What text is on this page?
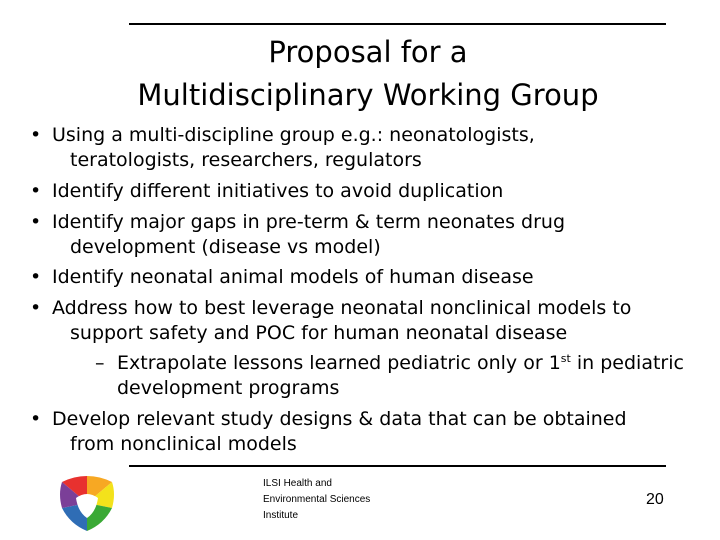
Proposal for a
Multidisciplinary Working Group
• Using a multi-discipline group e.g.: neonatologists,
teratologists, researchers, regulators
• Identify different initiatives to avoid duplication
• Identify major gaps in pre-term & term neonates drug
development (disease vs model)
• Identify neonatal animal models of human disease
• Address how to best leverage neonatal nonclinical models to
support safety and POC for human neonatal disease
– Extrapolate lessons learned pediatric only or 1st in pediatric
development programs
• Develop relevant study designs & data that can be obtained
from nonclinical models
ILSI Health and
Environmental Sciences
Institute
20
